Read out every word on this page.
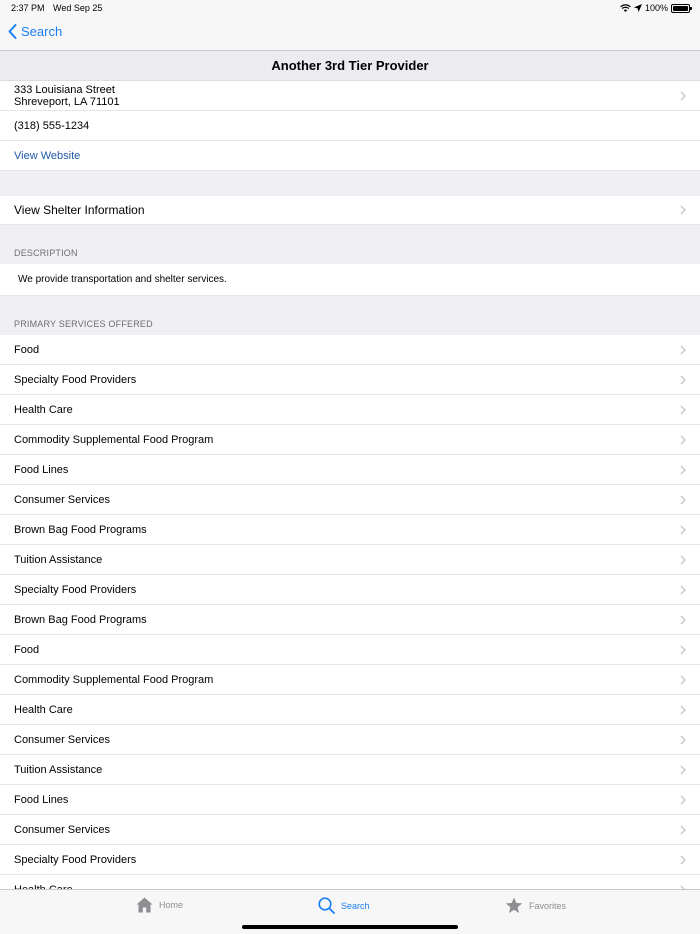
2:37 PM Wed Sep 25	100%
Search
Another 3rd Tier Provider
333 Louisiana Street
Shreveport, LA 71101
(318) 555-1234
View Website
View Shelter Information
DESCRIPTION
We provide transportation and shelter services.
PRIMARY SERVICES OFFERED
Food
Specialty Food Providers
Health Care
Commodity Supplemental Food Program
Food Lines
Consumer Services
Brown Bag Food Programs
Tuition Assistance
Specialty Food Providers
Brown Bag Food Programs
Food
Commodity Supplemental Food Program
Health Care
Consumer Services
Tuition Assistance
Food Lines
Consumer Services
Specialty Food Providers
Home	Search	Favorites
